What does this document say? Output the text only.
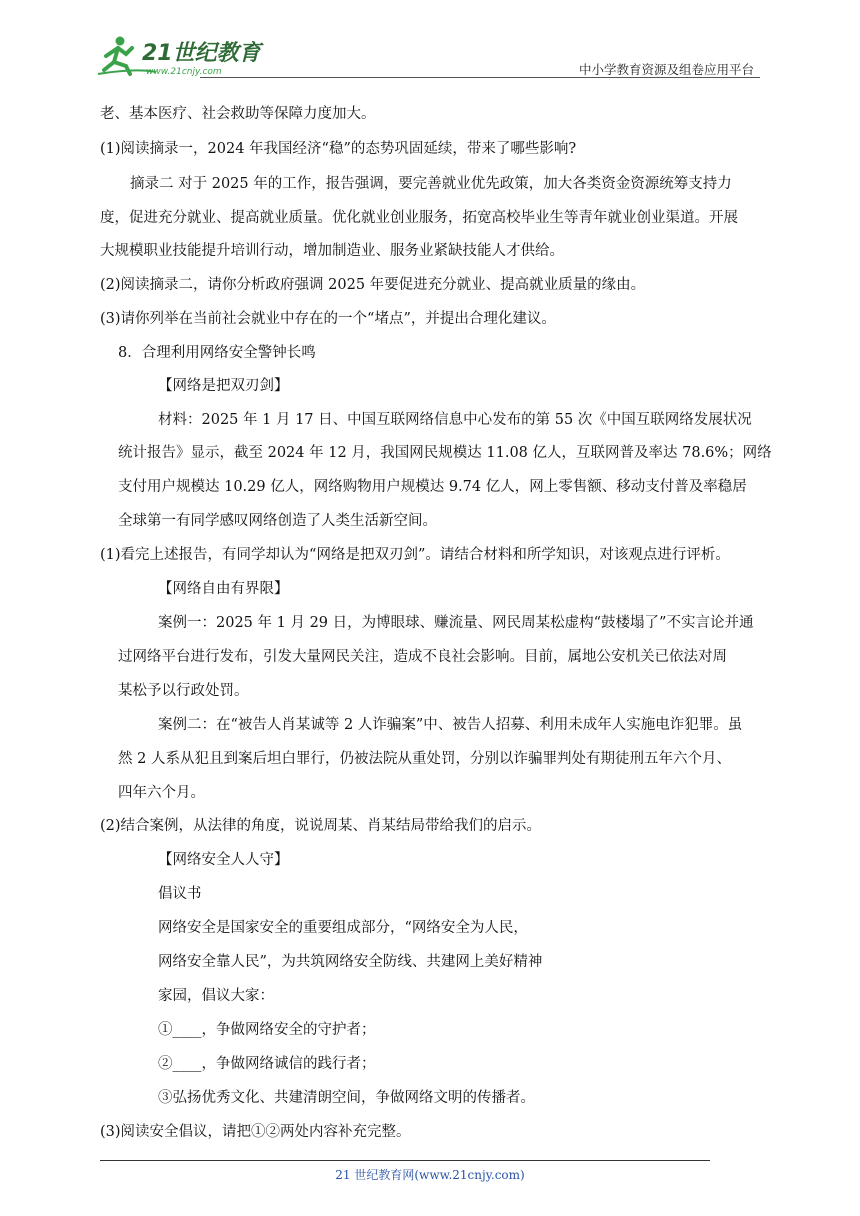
21世纪教育
www.21cnjy.com	中小学教育资源及组卷应用平台
老、基本医疗、社会救助等保障力度加大。
(1)阅读摘录一，2024 年我国经济“稳”的态势巩固延续，带来了哪些影响?
摘录二 对于 2025 年的工作，报告强调，要完善就业优先政策，加大各类资金资源统筹支持力
度，促进充分就业、提高就业质量。优化就业创业服务，拓宽高校毕业生等青年就业创业渠道。开展
大规模职业技能提升培训行动，增加制造业、服务业紧缺技能人才供给。
(2)阅读摘录二，请你分析政府强调 2025 年要促进充分就业、提高就业质量的缘由。
(3)请你列举在当前社会就业中存在的一个“堵点”，并提出合理化建议。
8．合理利用网络安全警钟长鸣
【网络是把双刃剑】
材料：2025 年 1 月 17 日、中国互联网络信息中心发布的第 55 次《中国互联网络发展状况
统计报告》显示，截至 2024 年 12 月，我国网民规模达 11.08 亿人，互联网普及率达 78.6%；网络
支付用户规模达 10.29 亿人，网络购物用户规模达 9.74 亿人，网上零售额、移动支付普及率稳居
全球第一有同学感叹网络创造了人类生活新空间。
(1)看完上述报告，有同学却认为“网络是把双刃剑”。请结合材料和所学知识，对该观点进行评析。
【网络自由有界限】
案例一：2025 年 1 月 29 日，为博眼球、赚流量、网民周某松虚构“鼓楼塌了”不实言论并通
过网络平台进行发布，引发大量网民关注，造成不良社会影响。目前，属地公安机关已依法对周
某松予以行政处罚。
案例二：在“被告人肖某诚等 2 人诈骗案”中、被告人招募、利用未成年人实施电诈犯罪。虽
然 2 人系从犯且到案后坦白罪行，仍被法院从重处罚，分别以诈骗罪判处有期徒刑五年六个月、
四年六个月。
(2)结合案例，从法律的角度，说说周某、肖某结局带给我们的启示。
【网络安全人人守】
倡议书
网络安全是国家安全的重要组成部分，“网络安全为人民，
网络安全靠人民”，为共筑网络安全防线、共建网上美好精神
家园，倡议大家：
①____，争做网络安全的守护者；
②____，争做网络诚信的践行者；
③弘扬优秀文化、共建清朗空间，争做网络文明的传播者。
(3)阅读安全倡议，请把①②两处内容补充完整。
21 世纪教育网(www.21cnjy.com)
